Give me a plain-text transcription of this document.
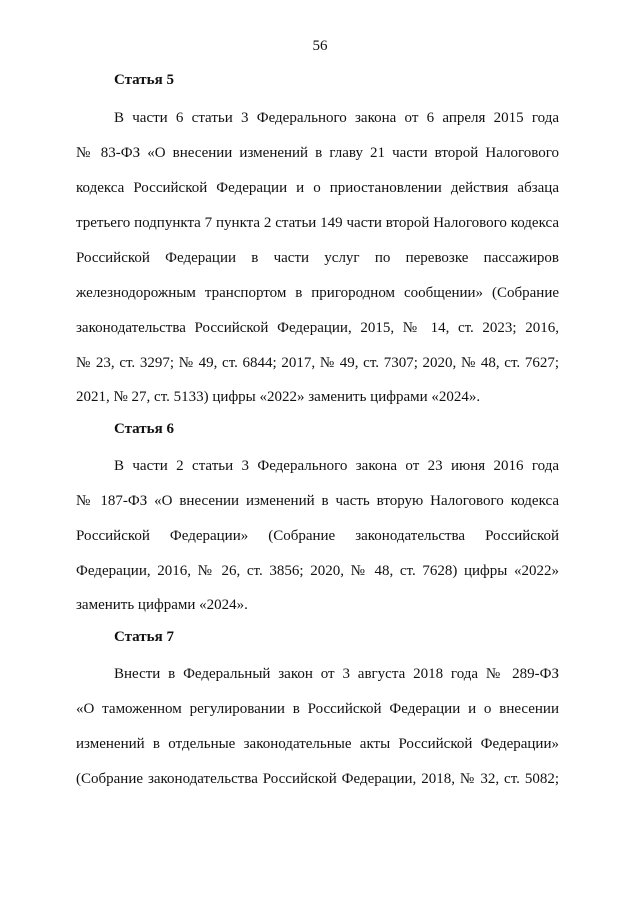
56
Статья 5
В части 6 статьи 3 Федерального закона от 6 апреля 2015 года
№ 83-ФЗ «О внесении изменений в главу 21 части второй Налогового
кодекса Российской Федерации и о приостановлении действия абзаца
третьего подпункта 7 пункта 2 статьи 149 части второй Налогового кодекса
Российской Федерации в части услуг по перевозке пассажиров
железнодорожным транспортом в пригородном сообщении» (Собрание
законодательства Российской Федерации, 2015, № 14, ст. 2023; 2016,
№ 23, ст. 3297; № 49, ст. 6844; 2017, № 49, ст. 7307; 2020, № 48, ст. 7627;
2021, № 27, ст. 5133) цифры «2022» заменить цифрами «2024».
Статья 6
В части 2 статьи 3 Федерального закона от 23 июня 2016 года
№ 187-ФЗ «О внесении изменений в часть вторую Налогового кодекса
Российской Федерации» (Собрание законодательства Российской
Федерации, 2016, № 26, ст. 3856; 2020, № 48, ст. 7628) цифры «2022»
заменить цифрами «2024».
Статья 7
Внести в Федеральный закон от 3 августа 2018 года № 289-ФЗ
«О таможенном регулировании в Российской Федерации и о внесении
изменений в отдельные законодательные акты Российской Федерации»
(Собрание законодательства Российской Федерации, 2018, № 32, ст. 5082;
